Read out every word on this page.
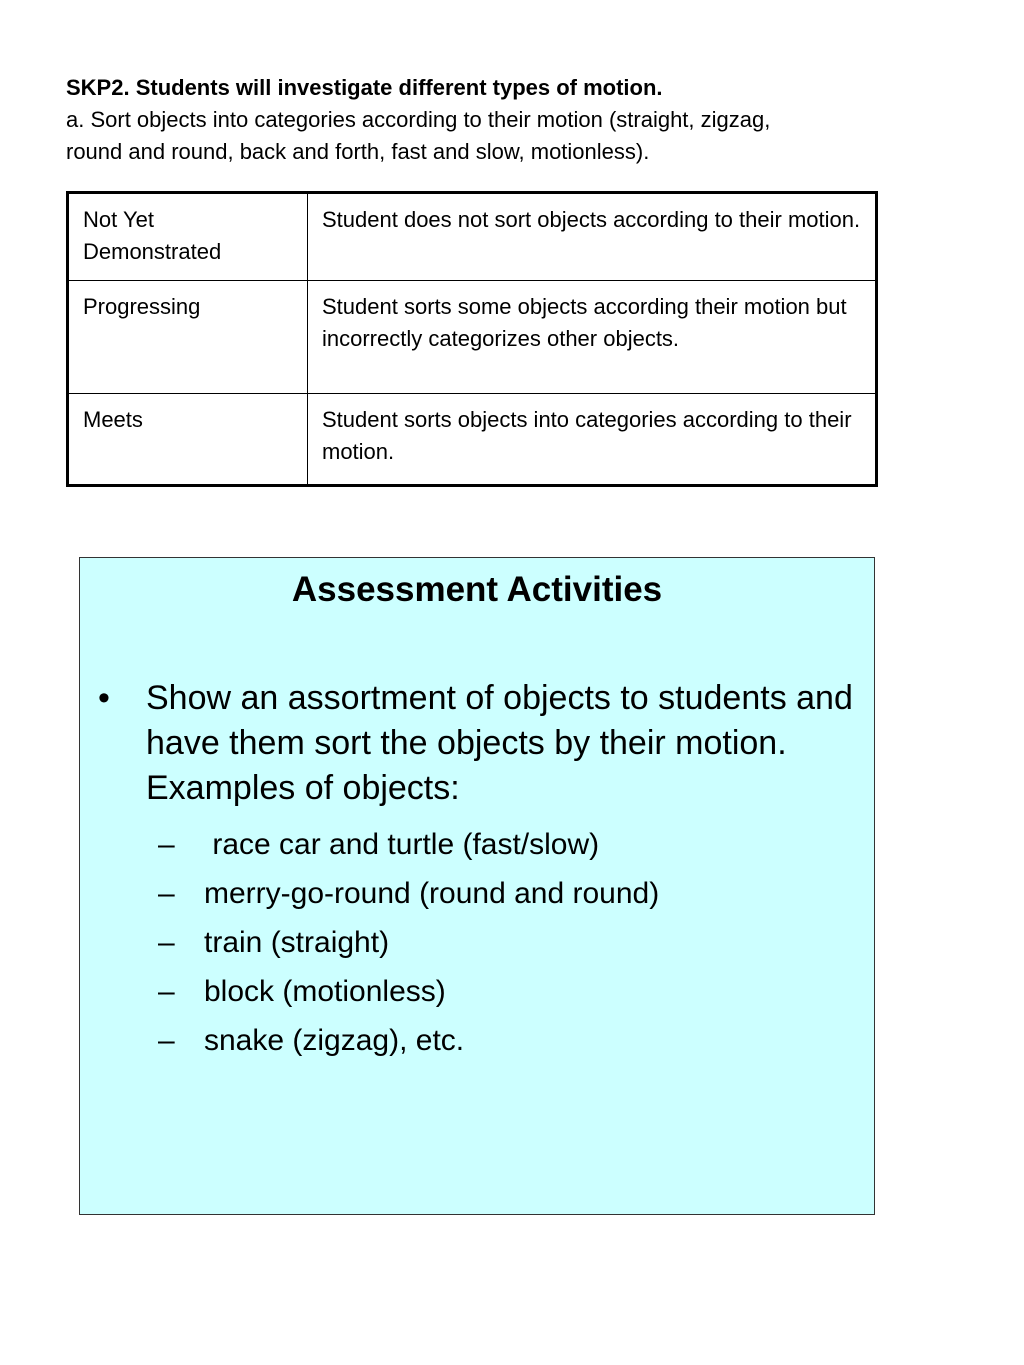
SKP2. Students will investigate different types of motion.
a. Sort objects into categories according to their motion (straight, zigzag,
round and round, back and forth, fast and slow, motionless).
Not Yet
Demonstrated	Student does not sort objects according to their motion.

Progressing	Student sorts some objects according their motion but incorrectly categorizes other objects.

Meets	Student sorts objects into categories according to their motion.
Assessment Activities
• Show an assortment of objects to students and have them sort the objects by their motion. Examples of objects:
– race car and turtle (fast/slow)
– merry-go-round (round and round)
– train (straight)
– block (motionless)
– snake (zigzag), etc.
